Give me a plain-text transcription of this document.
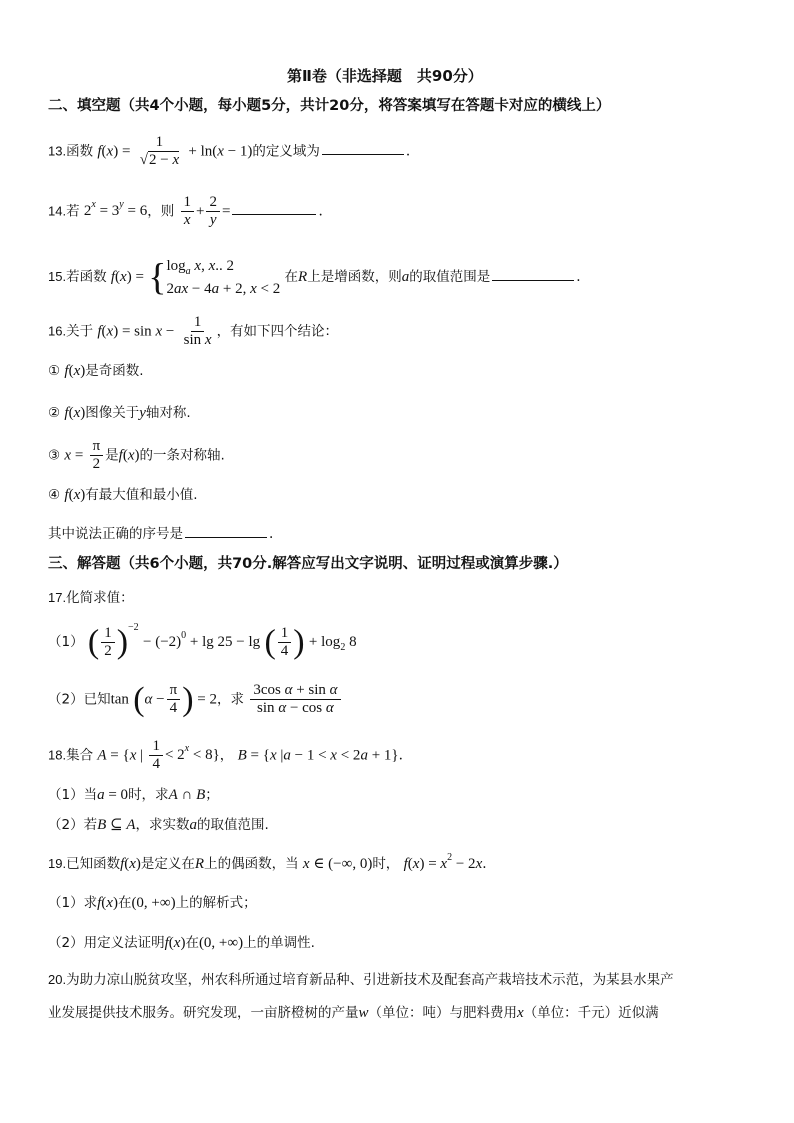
第Ⅱ卷（非选择题　共90分）
二、填空题（共4个小题，每小题5分，共计20分，将答案填写在答题卡对应的横线上）
13.函数 $f(x) = \frac{1}{√2 - x} + \ln(x - 1)$的定义域为	.
14.若 $2^x = 3^y = 6$，则 $\frac{1}{x} + \frac{2}{y}$ =	.
15.若函数 f(x) = { $\log_a x$, x.. 2
2ax − 4a + 2, x < 2
在R上是增函数，则a的取值范围是	.
16.关于 $f(x) = \sin x - \frac{1}{\text{sin x}}$ ，有如下四个结论：
① f(x)是奇函数.
② f(x)图像关于y轴对称.
③ $x = \frac{\pi}{2}$ 是f(x)的一条对称轴.
④ f(x)有最大值和最小值.
其中说法正确的序号是	.
三、解答题（共6个小题，共70分.解答应写出文字说明、证明过程或演算步骤.）
17.化简求值：
（1） ( $\frac{1}{2} )^{-2} - (-2)^0 + \lg 25 - \lg$ ( $\frac{1}{4}$ ) + $\log_2 8$
（2）已知$\tan (\alpha - \frac{\pi}{4}$ ) = 2，求 $\frac{\text{3cos α + sin α}}{\text{sin α − cos α}}$
18.集合 A = {x | $\frac{1}{4} < 2^x < 8$}， B = {x |a − 1 < x < 2a + 1}.
（1）当a = 0时，求A ∩ B；
（2）若B ⊆ A，求实数a的取值范围.
19.已知函数f(x)是定义在R上的偶函数，当 x ∈ (−∞, 0)时， $f(x) = x^2 - 2x$.
（1）求f(x)在(0, +∞)上的解析式；
（2）用定义法证明f(x)在(0, +∞)上的单调性.
20.为助力凉山脱贫攻坚，州农科所通过培育新品种、引进新技术及配套高产栽培技术示范，为某县水果产
业发展提供技术服务。研究发现，一亩脐橙树的产量w（单位：吨）与肥料费用x（单位：千元）近似满
